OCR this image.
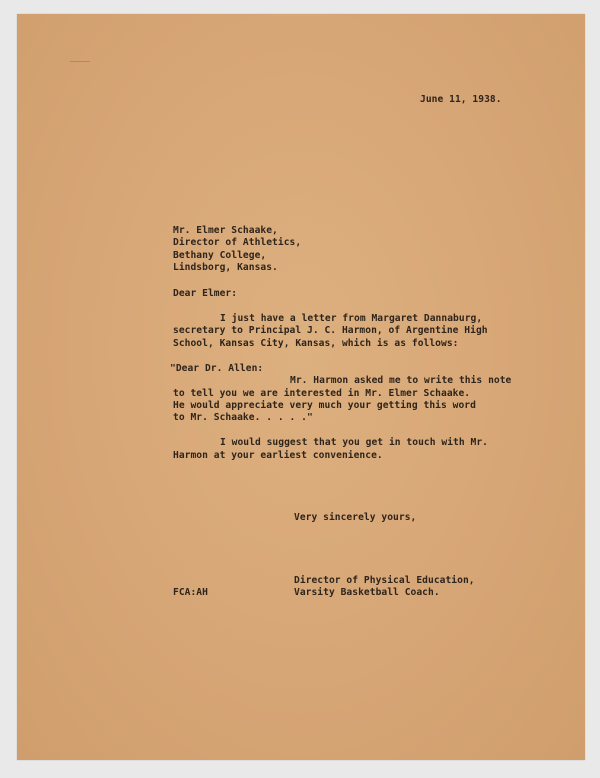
June 11, 1938.
Mr. Elmer Schaake,
Director of Athletics,
Bethany College,
Lindsborg, Kansas.
Dear Elmer:
I just have a letter from Margaret Dannaburg,
secretary to Principal J. C. Harmon, of Argentine High
School, Kansas City, Kansas, which is as follows:
"Dear Dr. Allen:
Mr. Harmon asked me to write this note
to tell you we are interested in Mr. Elmer Schaake.
He would appreciate very much your getting this word
to Mr. Schaake. . . . ."
I would suggest that you get in touch with Mr.
Harmon at your earliest convenience.
Very sincerely yours,
FCA:AH
Director of Physical Education,
Varsity Basketball Coach.
